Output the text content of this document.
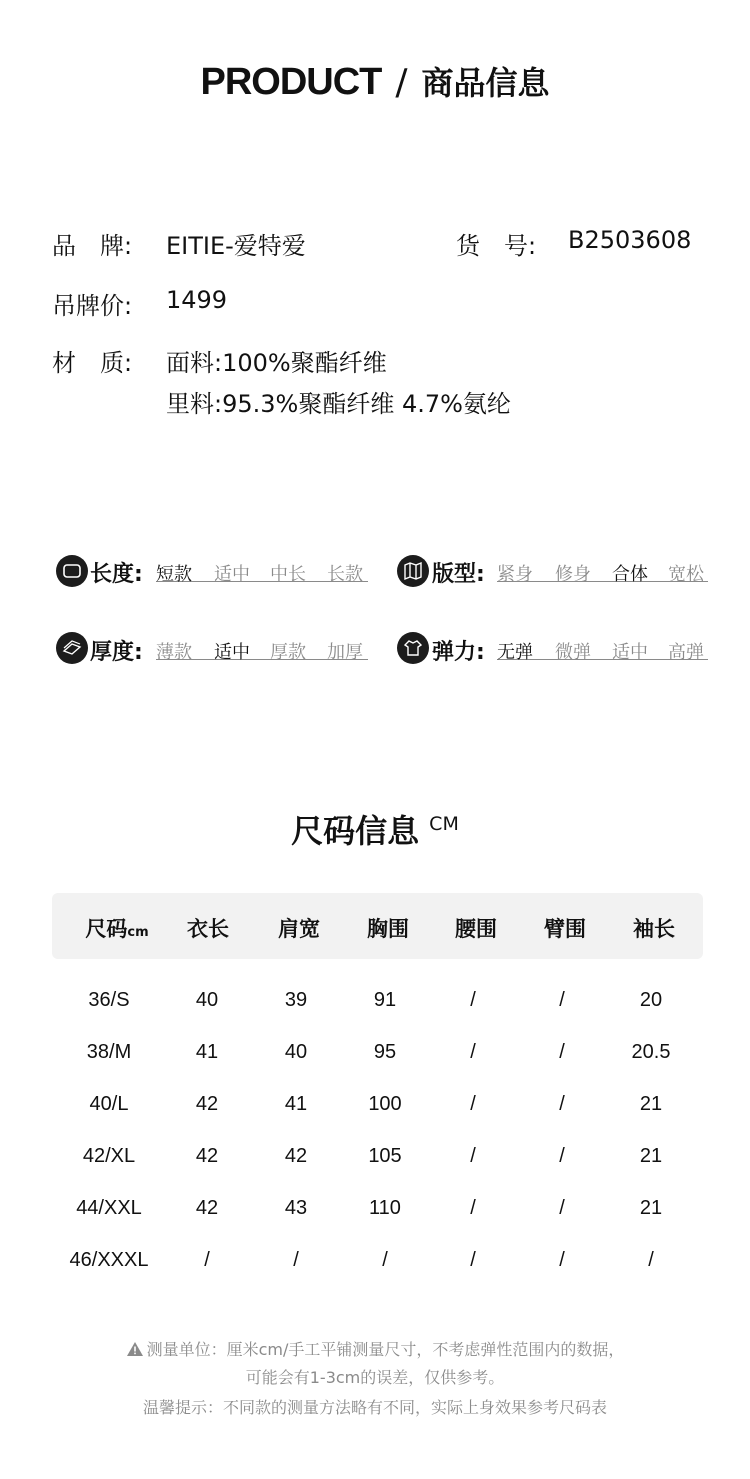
PRODUCT / 商品信息
品　牌: EITIE-爱特爱	货　号: B2503608
吊牌价: 1499
材　质: 面料:100%聚酯纤维
里料:95.3%聚酯纤维 4.7%氨纶
长度: 短款 适中 中长 长款	版型: 紧身 修身 合体 宽松
厚度: 薄款 适中 厚款 加厚	弹力: 无弹 微弹 适中 高弹
尺码信息 CM
尺码cm	衣长	肩宽	胸围	腰围	臂围	袖长
36/S	40	39	91	/	/	20
38/M	41	40	95	/	/	20.5
40/L	42	41	100	/	/	21
42/XL	42	42	105	/	/	21
44/XXL	42	43	110	/	/	21
46/XXXL	/	/	/	/	/	/
测量单位：厘米cm/手工平铺测量尺寸，不考虑弹性范围内的数据，
可能会有1-3cm的误差，仅供参考。
温馨提示：不同款的测量方法略有不同，实际上身效果参考尺码表
